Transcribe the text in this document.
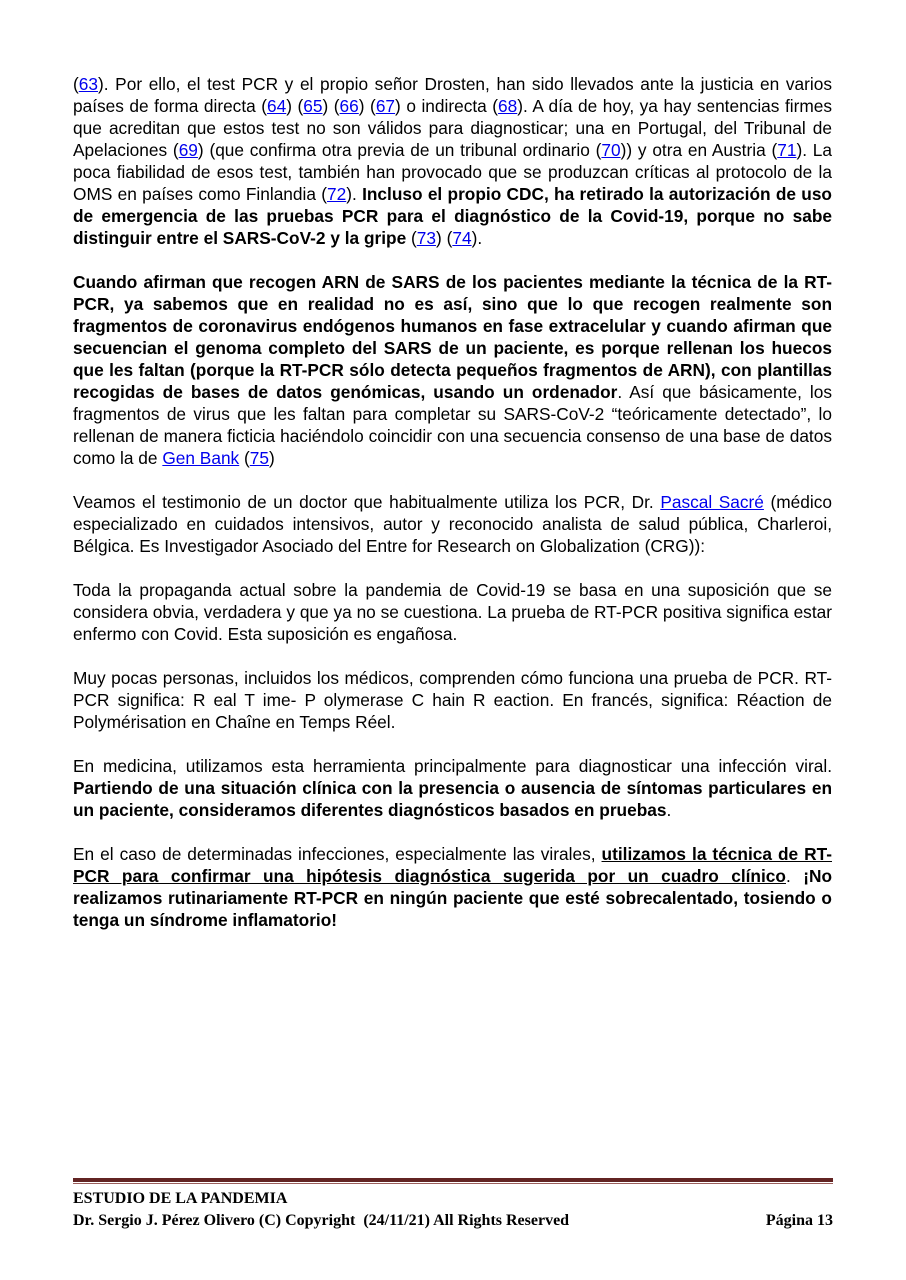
(63). Por ello, el test PCR y el propio señor Drosten, han sido llevados ante la justicia en varios países de forma directa (64) (65) (66) (67) o indirecta (68). A día de hoy, ya hay sentencias firmes que acreditan que estos test no son válidos para diagnosticar; una en Portugal, del Tribunal de Apelaciones (69) (que confirma otra previa de un tribunal ordinario (70)) y otra en Austria (71). La poca fiabilidad de esos test, también han provocado que se produzcan críticas al protocolo de la OMS en países como Finlandia (72). Incluso el propio CDC, ha retirado la autorización de uso de emergencia de las pruebas PCR para el diagnóstico de la Covid-19, porque no sabe distinguir entre el SARS-CoV-2 y la gripe (73) (74).

Cuando afirman que recogen ARN de SARS de los pacientes mediante la técnica de la RT-PCR, ya sabemos que en realidad no es así, sino que lo que recogen realmente son fragmentos de coronavirus endógenos humanos en fase extracelular y cuando afirman que secuencian el genoma completo del SARS de un paciente, es porque rellenan los huecos que les faltan (porque la RT-PCR sólo detecta pequeños fragmentos de ARN), con plantillas recogidas de bases de datos genómicas, usando un ordenador. Así que básicamente, los fragmentos de virus que les faltan para completar su SARS-CoV-2 “teóricamente detectado”, lo rellenan de manera ficticia haciéndolo coincidir con una secuencia consenso de una base de datos como la de Gen Bank (75)

Veamos el testimonio de un doctor que habitualmente utiliza los PCR, Dr. Pascal Sacré (médico especializado en cuidados intensivos, autor y reconocido analista de salud pública, Charleroi, Bélgica. Es Investigador Asociado del Entre for Research on Globalization (CRG)):

Toda la propaganda actual sobre la pandemia de Covid-19 se basa en una suposición que se considera obvia, verdadera y que ya no se cuestiona. La prueba de RT-PCR positiva significa estar enfermo con Covid. Esta suposición es engañosa.

Muy pocas personas, incluidos los médicos, comprenden cómo funciona una prueba de PCR. RT-PCR significa: R eal T ime- P olymerase C hain R eaction. En francés, significa: Réaction de Polymérisation en Chaîne en Temps Réel.

En medicina, utilizamos esta herramienta principalmente para diagnosticar una infección viral. Partiendo de una situación clínica con la presencia o ausencia de síntomas particulares en un paciente, consideramos diferentes diagnósticos basados en pruebas.

En el caso de determinadas infecciones, especialmente las virales, utilizamos la técnica de RT-PCR para confirmar una hipótesis diagnóstica sugerida por un cuadro clínico. ¡No realizamos rutinariamente RT-PCR en ningún paciente que esté sobrecalentado, tosiendo o tenga un síndrome inflamatorio!

ESTUDIO DE LA PANDEMIA
Dr. Sergio J. Pérez Olivero (C) Copyright  (24/11/21) All Rights Reserved	Página 13
